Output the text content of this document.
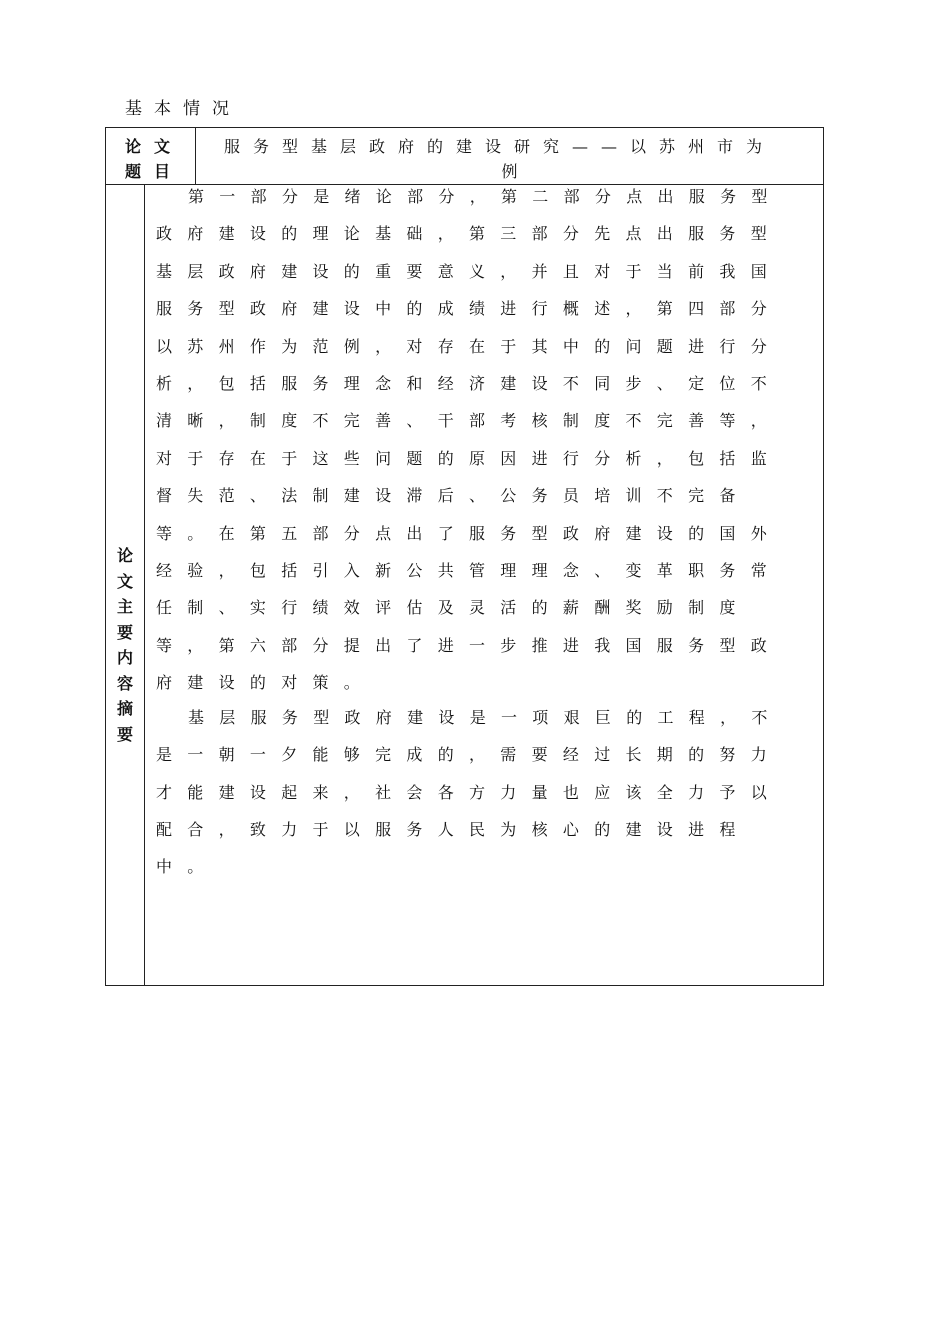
基本情况
论文
题目
服务型基层政府的建设研究——以苏州市为
例
论文主要内容摘要

第一部分是绪论部分，第二部分点出服务型政府建设的理论基础，第三部分先点出服务型基层政府建设的重要意义，并且对于当前我国服务型政府建设中的成绩进行概述，第四部分以苏州作为范例，对存在于其中的问题进行分析，包括服务理念和经济建设不同步、定位不清晰，制度不完善、干部考核制度不完善等，对于存在于这些问题的原因进行分析，包括监督失范、法制建设滞后、公务员培训不完备等。在第五部分点出了服务型政府建设的国外经验，包括引入新公共管理理念、变革职务常任制、实行绩效评估及灵活的薪酬奖励制度等，第六部分提出了进一步推进我国服务型政府建设的对策。

基层服务型政府建设是一项艰巨的工程，不是一朝一夕能够完成的，需要经过长期的努力才能建设起来，社会各方力量也应该全力予以配合，致力于以服务人民为核心的建设进程中。
